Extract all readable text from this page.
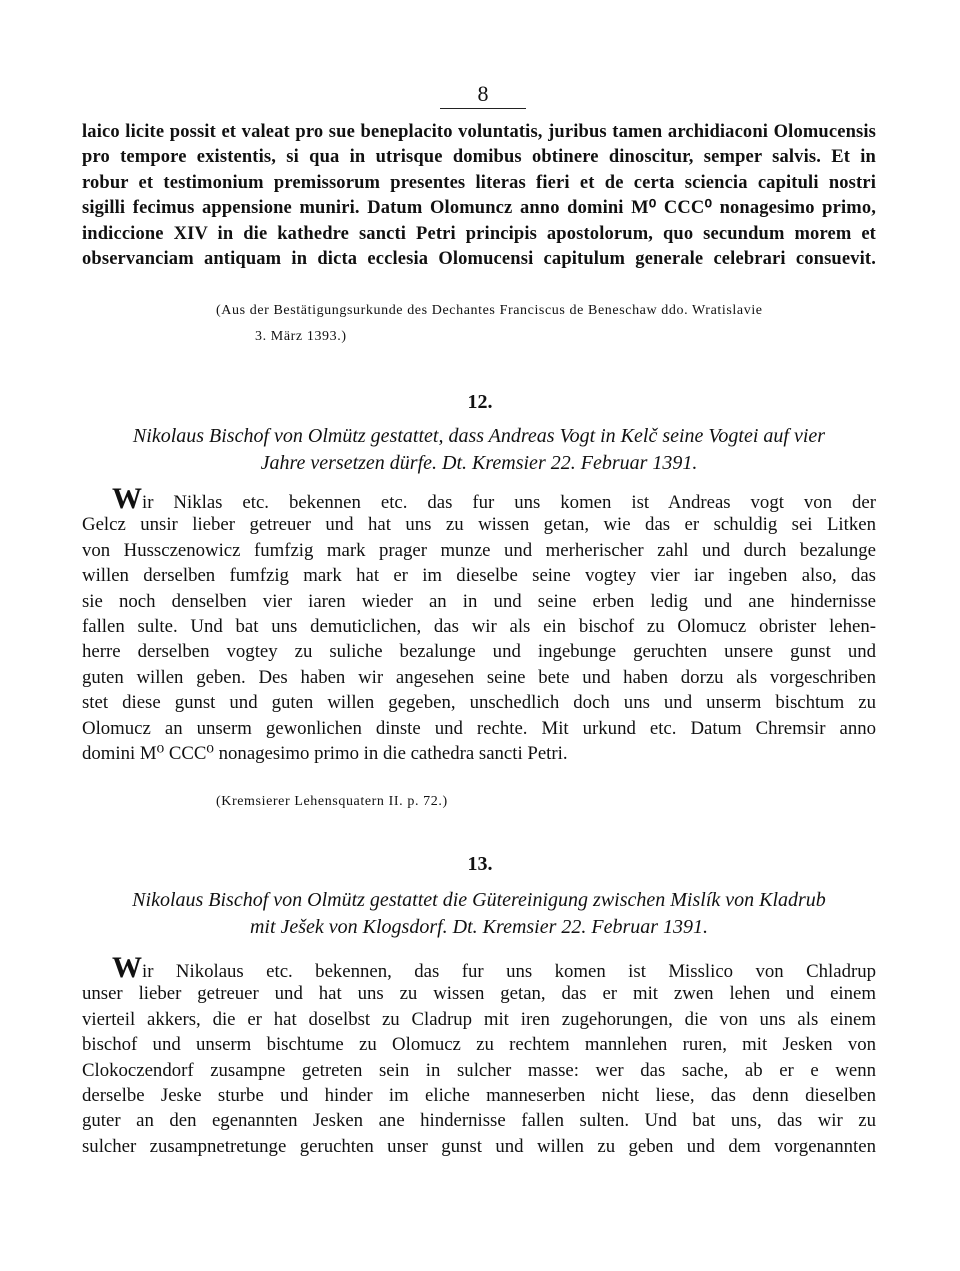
8

laico licite possit et valeat pro sue beneplacito voluntatis, juribus tamen archidiaconi Olomucensis

pro tempore existentis, si qua in utrisque domibus obtinere dinoscitur, semper salvis. Et in

robur et testimonium premissorum presentes literas fieri et de certa sciencia capituli nostri

sigilli fecimus appensione muniri. Datum Olomuncz anno domini M⁰ CCC⁰ nonagesimo primo,

indiccione XIV in die kathedre sancti Petri principis apostolorum, quo secundum morem et

observanciam antiquam in dicta ecclesia Olomucensi capitulum generale celebrari consuevit.

(Aus der Bestätigungsurkunde des Dechantes Franciscus de Beneschaw ddo. Wratislavie
3. März 1393.)
12.
Nikolaus Bischof von Olmütz gestattet, dass Andreas Vogt in Kelč seine Vogtei auf vier
Jahre versetzen dürfe. Dt. Kremsier 22. Februar 1391.
Wir Niklas etc. bekennen etc. das fur uns komen ist Andreas vogt von der

Gelcz unsir lieber getreuer und hat uns zu wissen getan, wie das er schuldig sei Litken

von Hussczenowicz fumfzig mark prager munze und merherischer zahl und durch bezalunge

willen derselben fumfzig mark hat er im dieselbe seine vogtey vier iar ingeben also, das

sie noch denselben vier iaren wieder an in und seine erben ledig und ane hindernisse

fallen sulte. Und bat uns demuticlichen, das wir als ein bischof zu Olomucz obrister lehen-

herre derselben vogtey zu suliche bezalunge und ingebunge geruchten unsere gunst und

guten willen geben. Des haben wir angesehen seine bete und haben dorzu als vorgeschriben

stet diese gunst und guten willen gegeben, unschedlich doch uns und unserm bischtum zu

Olomucz an unserm gewonlichen dinste und rechte. Mit urkund etc. Datum Chremsir anno

domini M⁰ CCC⁰ nonagesimo primo in die cathedra sancti Petri.

(Kremsierer Lehensquatern II. p. 72.)
13.
Nikolaus Bischof von Olmütz gestattet die Gütereinigung zwischen Mislík von Kladrub
mit Ješek von Klogsdorf. Dt. Kremsier 22. Februar 1391.
Wir Nikolaus etc. bekennen, das fur uns komen ist Misslico von Chladrup

unser lieber getreuer und hat uns zu wissen getan, das er mit zwen lehen und einem

vierteil akkers, die er hat doselbst zu Cladrup mit iren zugehorungen, die von uns als einem

bischof und unserm bischtume zu Olomucz zu rechtem mannlehen ruren, mit Jesken von

Clokoczendorf zusampne getreten sein in sulcher masse: wer das sache, ab er e wenn

derselbe Jeske sturbe und hinder im eliche manneserben nicht liese, das denn dieselben

guter an den egenannten Jesken ane hindernisse fallen sulten. Und bat uns, das wir zu

sulcher zusampnetretunge geruchten unser gunst und willen zu geben und dem vorgenannten
